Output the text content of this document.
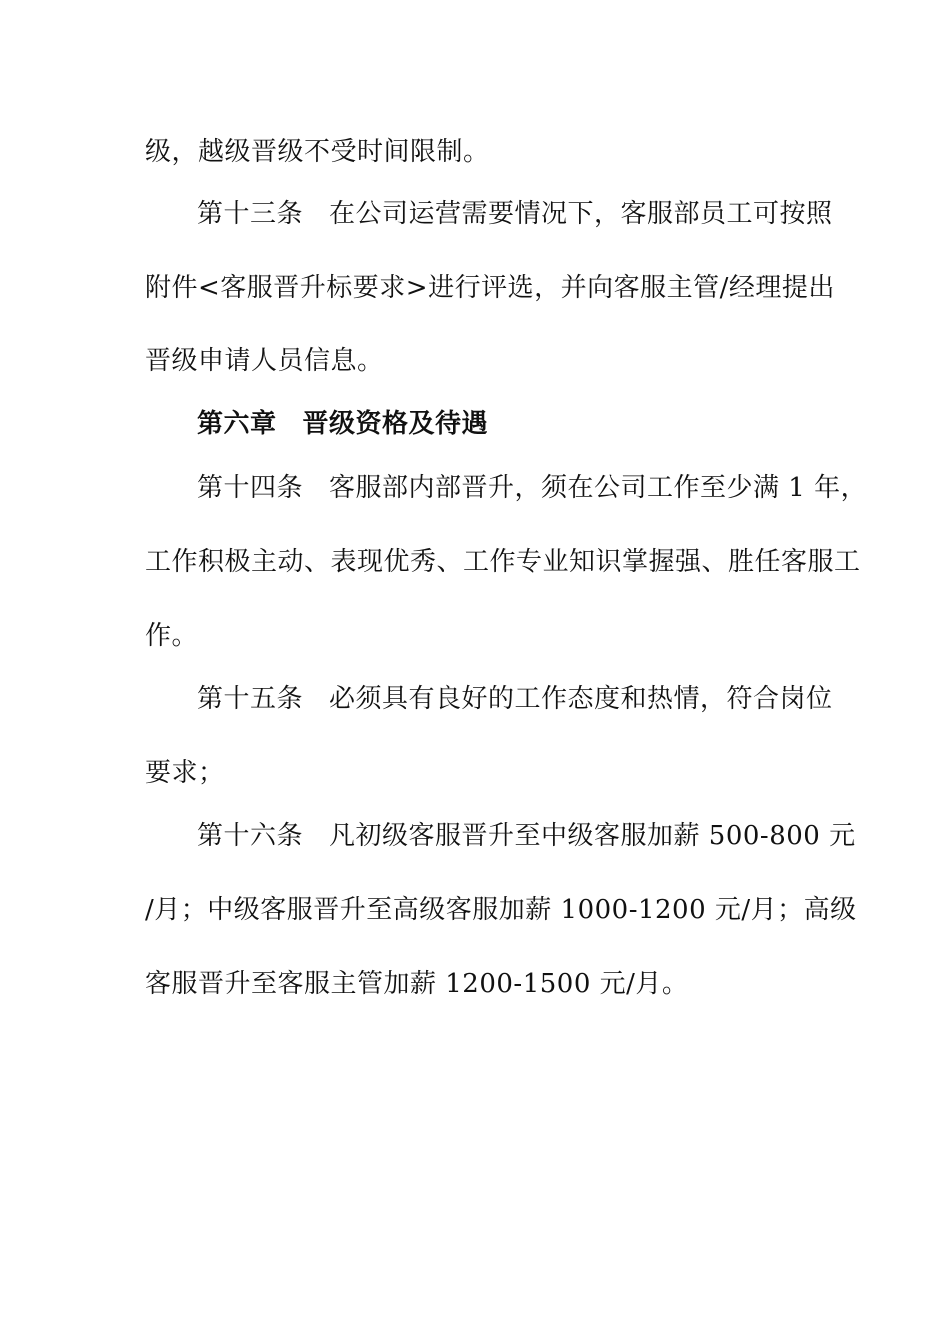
级，越级晋级不受时间限制。
第十三条 在公司运营需要情况下，客服部员工可按照
附件<客服晋升标要求>进行评选，并向客服主管/经理提出
晋级申请人员信息。
第六章 晋级资格及待遇
第十四条 客服部内部晋升，须在公司工作至少满 1 年，
工作积极主动、表现优秀、工作专业知识掌握强、胜任客服工
作。
第十五条 必须具有良好的工作态度和热情，符合岗位
要求；
第十六条 凡初级客服晋升至中级客服加薪 500-800 元
/月；中级客服晋升至高级客服加薪 1000-1200 元/月；高级
客服晋升至客服主管加薪 1200-1500 元/月。
